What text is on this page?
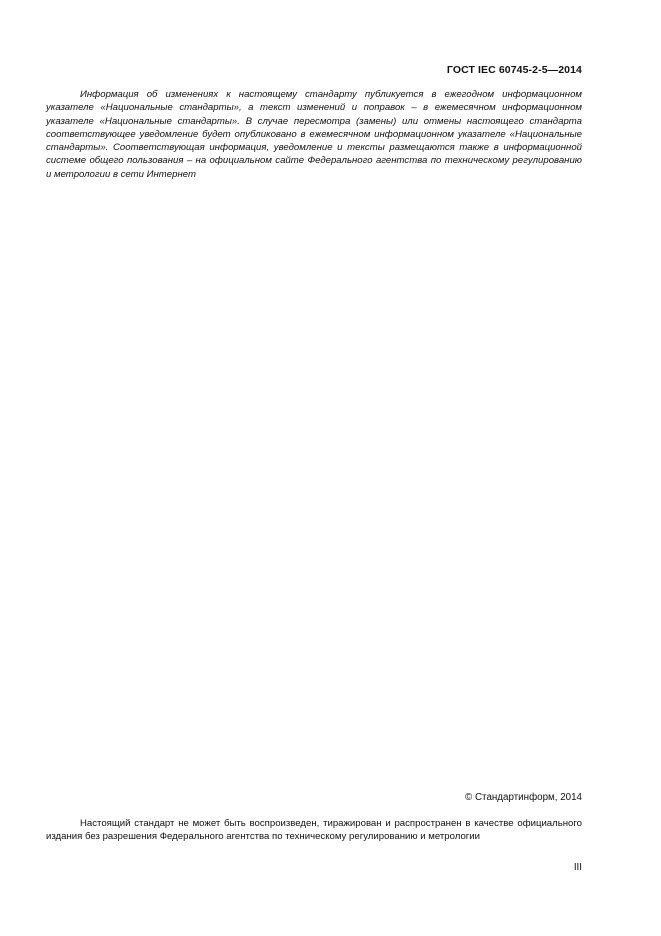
ГОСТ IEC 60745-2-5—2014

Информация об изменениях к настоящему стандарту публикуется в ежегодном информационном указателе «Национальные стандарты», а текст изменений и поправок – в ежемесячном информационном указателе «Национальные стандарты». В случае пересмотра (замены) или отмены настоящего стандарта соответствующее уведомление будет опубликовано в ежемесячном информационном указателе «Национальные стандарты». Соответствующая информация, уведомление и тексты размещаются также в информационной системе общего пользования – на официальном сайте Федерального агентства по техническому регулированию и метрологии в сети Интернет

© Стандартинформ, 2014

Настоящий стандарт не может быть воспроизведен, тиражирован и распространен в качестве официального издания без разрешения Федерального агентства по техническому регулированию и метрологии

III
